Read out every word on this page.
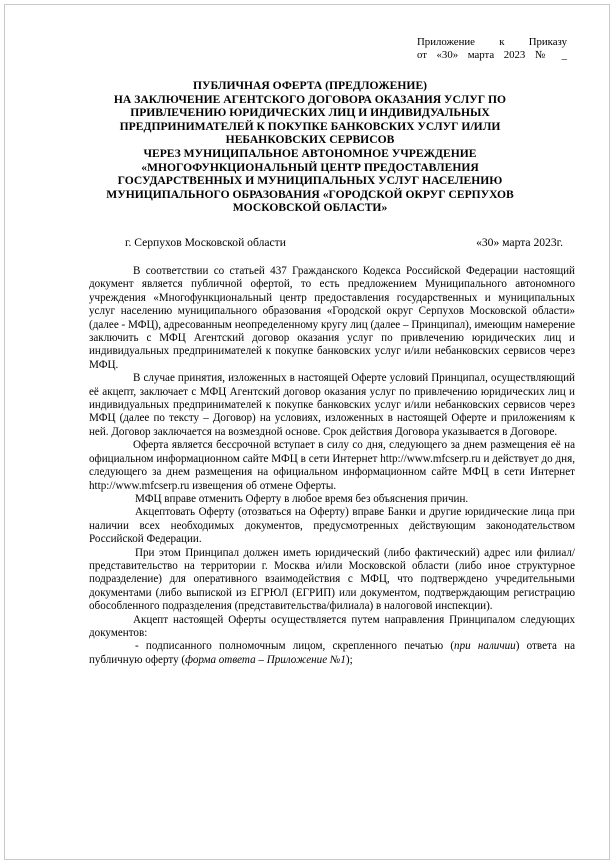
Приложение к Приказу
от «30» марта 2023 № _
ПУБЛИЧНАЯ ОФЕРТА (ПРЕДЛОЖЕНИЕ)
НА ЗАКЛЮЧЕНИЕ АГЕНТСКОГО ДОГОВОРА ОКАЗАНИЯ УСЛУГ ПО
ПРИВЛЕЧЕНИЮ ЮРИДИЧЕСКИХ ЛИЦ И ИНДИВИДУАЛЬНЫХ
ПРЕДПРИНИМАТЕЛЕЙ К ПОКУПКЕ БАНКОВСКИХ УСЛУГ И/ИЛИ
НЕБАНКОВСКИХ СЕРВИСОВ
ЧЕРЕЗ МУНИЦИПАЛЬНОЕ АВТОНОМНОЕ УЧРЕЖДЕНИЕ
«МНОГОФУНКЦИОНАЛЬНЫЙ ЦЕНТР ПРЕДОСТАВЛЕНИЯ
ГОСУДАРСТВЕННЫХ И МУНИЦИПАЛЬНЫХ УСЛУГ НАСЕЛЕНИЮ
МУНИЦИПАЛЬНОГО ОБРАЗОВАНИЯ «ГОРОДСКОЙ ОКРУГ СЕРПУХОВ
МОСКОВСКОЙ ОБЛАСТИ»
г. Серпухов Московской области	«30» марта 2023г.

В соответствии со статьей 437 Гражданского Кодекса Российской Федерации настоящий документ является публичной офертой, то есть предложением Муниципального автономного учреждения «Многофункциональный центр предоставления государственных и муниципальных услуг населению муниципального образования «Городской округ Серпухов Московской области» (далее - МФЦ), адресованным неопределенному кругу лиц (далее – Принципал), имеющим намерение заключить с МФЦ Агентский договор оказания услуг по привлечению юридических лиц и индивидуальных предпринимателей к покупке банковских услуг и/или небанковских сервисов через МФЦ.

В случае принятия, изложенных в настоящей Оферте условий Принципал, осуществляющий её акцепт, заключает с МФЦ Агентский договор оказания услуг по привлечению юридических лиц и индивидуальных предпринимателей к покупке банковских услуг и/или небанковских сервисов через МФЦ (далее по тексту – Договор) на условиях, изложенных в настоящей Оферте и приложениям к ней. Договор заключается на возмездной основе. Срок действия Договора указывается в Договоре.

Оферта является бессрочной вступает в силу со дня, следующего за днем размещения её на официальном информационном сайте МФЦ в сети Интернет http://www.mfcserp.ru и действует до дня, следующего за днем размещения на официальном информационном сайте МФЦ в сети Интернет http://www.mfcserp.ru извещения об отмене Оферты.

МФЦ вправе отменить Оферту в любое время без объяснения причин.

Акцептовать Оферту (отозваться на Оферту) вправе Банки и другие юридические лица при наличии всех необходимых документов, предусмотренных действующим законодательством Российской Федерации.

При этом Принципал должен иметь юридический (либо фактический) адрес или филиал/представительство на территории г. Москва и/или Московской области (либо иное структурное подразделение) для оперативного взаимодействия с МФЦ, что подтверждено учредительными документами (либо выпиской из ЕГРЮЛ (ЕГРИП) или документом, подтверждающим регистрацию обособленного подразделения (представительства/филиала) в налоговой инспекции).

Акцепт настоящей Оферты осуществляется путем направления Принципалом следующих документов:

- подписанного полномочным лицом, скрепленного печатью (при наличии) ответа на публичную оферту (форма ответа – Приложение №1);
